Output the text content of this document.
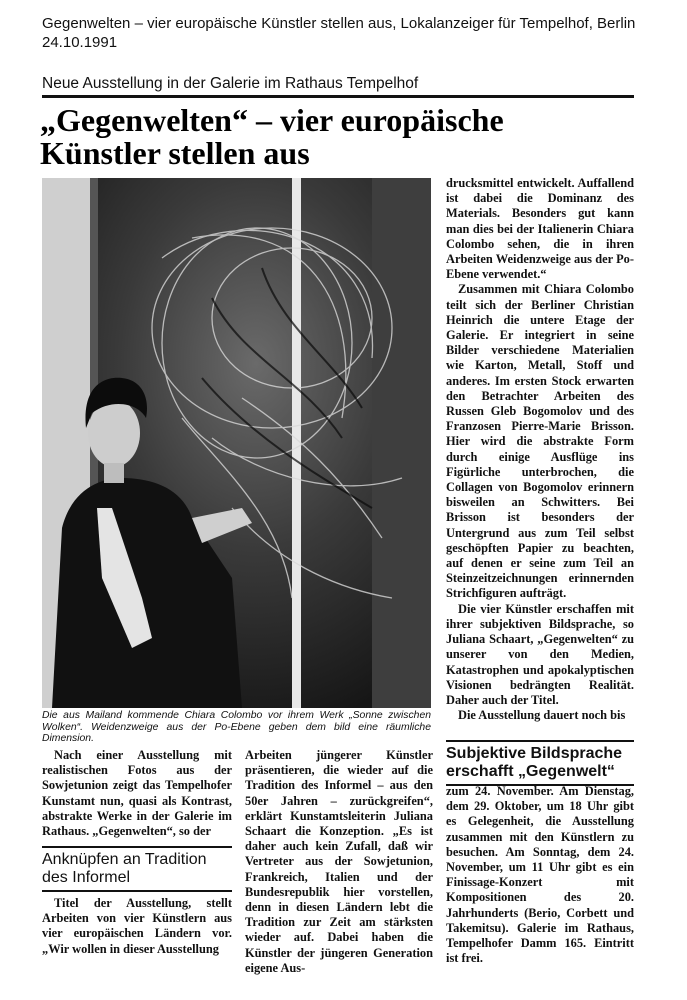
Gegenwelten – vier europäische Künstler stellen aus, Lokalanzeiger für Tempelhof, Berlin
24.10.1991
Neue Ausstellung in der Galerie im Rathaus Tempelhof
„Gegenwelten“ – vier europäische
Künstler stellen aus
Die aus Mailand kommende Chiara Colombo vor ihrem Werk „Sonne zwischen Wolken“. Weidenzweige aus der Po-Ebene geben dem bild eine räumliche Dimension.

Nach einer Ausstellung mit realistischen Fotos aus der Sowjetunion zeigt das Tempelhofer Kunstamt nun, quasi als Kontrast, abstrakte Werke in der Galerie im Rathaus. „Gegenwelten“, so der

Anknüpfen an Tradition des Informel

Titel der Ausstellung, stellt Arbeiten von vier Künstlern aus vier europäischen Ländern vor. „Wir wollen in dieser Ausstellung

Arbeiten jüngerer Künstler präsentieren, die wieder auf die Tradition des Informel – aus den 50er Jahren – zurückgreifen“, erklärt Kunstamtsleiterin Juliana Schaart die Konzeption. „Es ist daher auch kein Zufall, daß wir Vertreter aus der Sowjetunion, Frankreich, Italien und der Bundesrepublik hier vorstellen, denn in diesen Ländern lebt die Tradition zur Zeit am stärksten wieder auf. Dabei haben die Künstler der jüngeren Generation eigene Aus-

drucksmittel entwickelt. Auffallend ist dabei die Dominanz des Materials. Besonders gut kann man dies bei der Italienerin Chiara Colombo sehen, die in ihren Arbeiten Weidenzweige aus der Po-Ebene verwendet.“

Zusammen mit Chiara Colombo teilt sich der Berliner Christian Heinrich die untere Etage der Galerie. Er integriert in seine Bilder verschiedene Materialien wie Karton, Metall, Stoff und anderes. Im ersten Stock erwarten den Betrachter Arbeiten des Russen Gleb Bogomolov und des Franzosen Pierre-Marie Brisson. Hier wird die abstrakte Form durch einige Ausflüge ins Figürliche unterbrochen, die Collagen von Bogomolov erinnern bisweilen an Schwitters. Bei Brisson ist besonders der Untergrund aus zum Teil selbst geschöpften Papier zu beachten, auf denen er seine zum Teil an Steinzeitzeichnungen erinnernden Strichfiguren aufträgt.

Die vier Künstler erschaffen mit ihrer subjektiven Bildsprache, so Juliana Schaart, „Gegenwelten“ zu unserer von den Medien, Katastrophen und apokalyptischen Visionen bedrängten Realität. Daher auch der Titel.

Die Ausstellung dauert noch bis

Subjektive Bildsprache erschafft „Gegenwelt“

zum 24. November. Am Dienstag, dem 29. Oktober, um 18 Uhr gibt es Gelegenheit, die Ausstellung zusammen mit den Künstlern zu besuchen. Am Sonntag, dem 24. November, um 11 Uhr gibt es ein Finissage-Konzert mit Kompositionen des 20. Jahrhunderts (Berio, Corbett und Takemitsu). Galerie im Rathaus, Tempelhofer Damm 165. Eintritt ist frei.
